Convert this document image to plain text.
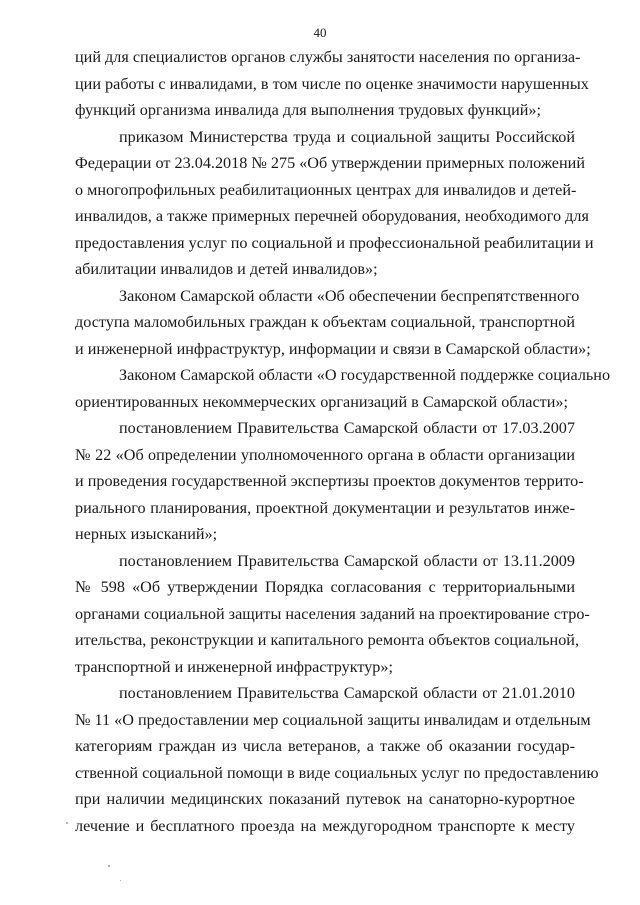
40
ций для специалистов органов службы занятости населения по организа-
ции работы с инвалидами, в том числе по оценке значимости нарушенных
функций организма инвалида для выполнения трудовых функций»;
приказом Министерства труда и социальной защиты Российской
Федерации от 23.04.2018 № 275 «Об утверждении примерных положений
о многопрофильных реабилитационных центрах для инвалидов и детей-
инвалидов, а также примерных перечней оборудования, необходимого для
предоставления услуг по социальной и профессиональной реабилитации и
абилитации инвалидов и детей инвалидов»;
Законом Самарской области «Об обеспечении беспрепятственного
доступа маломобильных граждан к объектам социальной, транспортной
и инженерной инфраструктур, информации и связи в Самарской области»;
Законом Самарской области «О государственной поддержке социально
ориентированных некоммерческих организаций в Самарской области»;
постановлением Правительства Самарской области от 17.03.2007
№ 22 «Об определении уполномоченного органа в области организации
и проведения государственной экспертизы проектов документов террито-
риального планирования, проектной документации и результатов инже-
нерных изысканий»;
постановлением Правительства Самарской области от 13.11.2009
№ 598 «Об утверждении Порядка согласования с территориальными
органами социальной защиты населения заданий на проектирование стро-
ительства, реконструкции и капитального ремонта объектов социальной,
транспортной и инженерной инфраструктур»;
постановлением Правительства Самарской области от 21.01.2010
№ 11 «О предоставлении мер социальной защиты инвалидам и отдельным
категориям граждан из числа ветеранов, а также об оказании государ-
ственной социальной помощи в виде социальных услуг по предоставлению
при наличии медицинских показаний путевок на санаторно-курортное
лечение и бесплатного проезда на междугородном транспорте к месту
